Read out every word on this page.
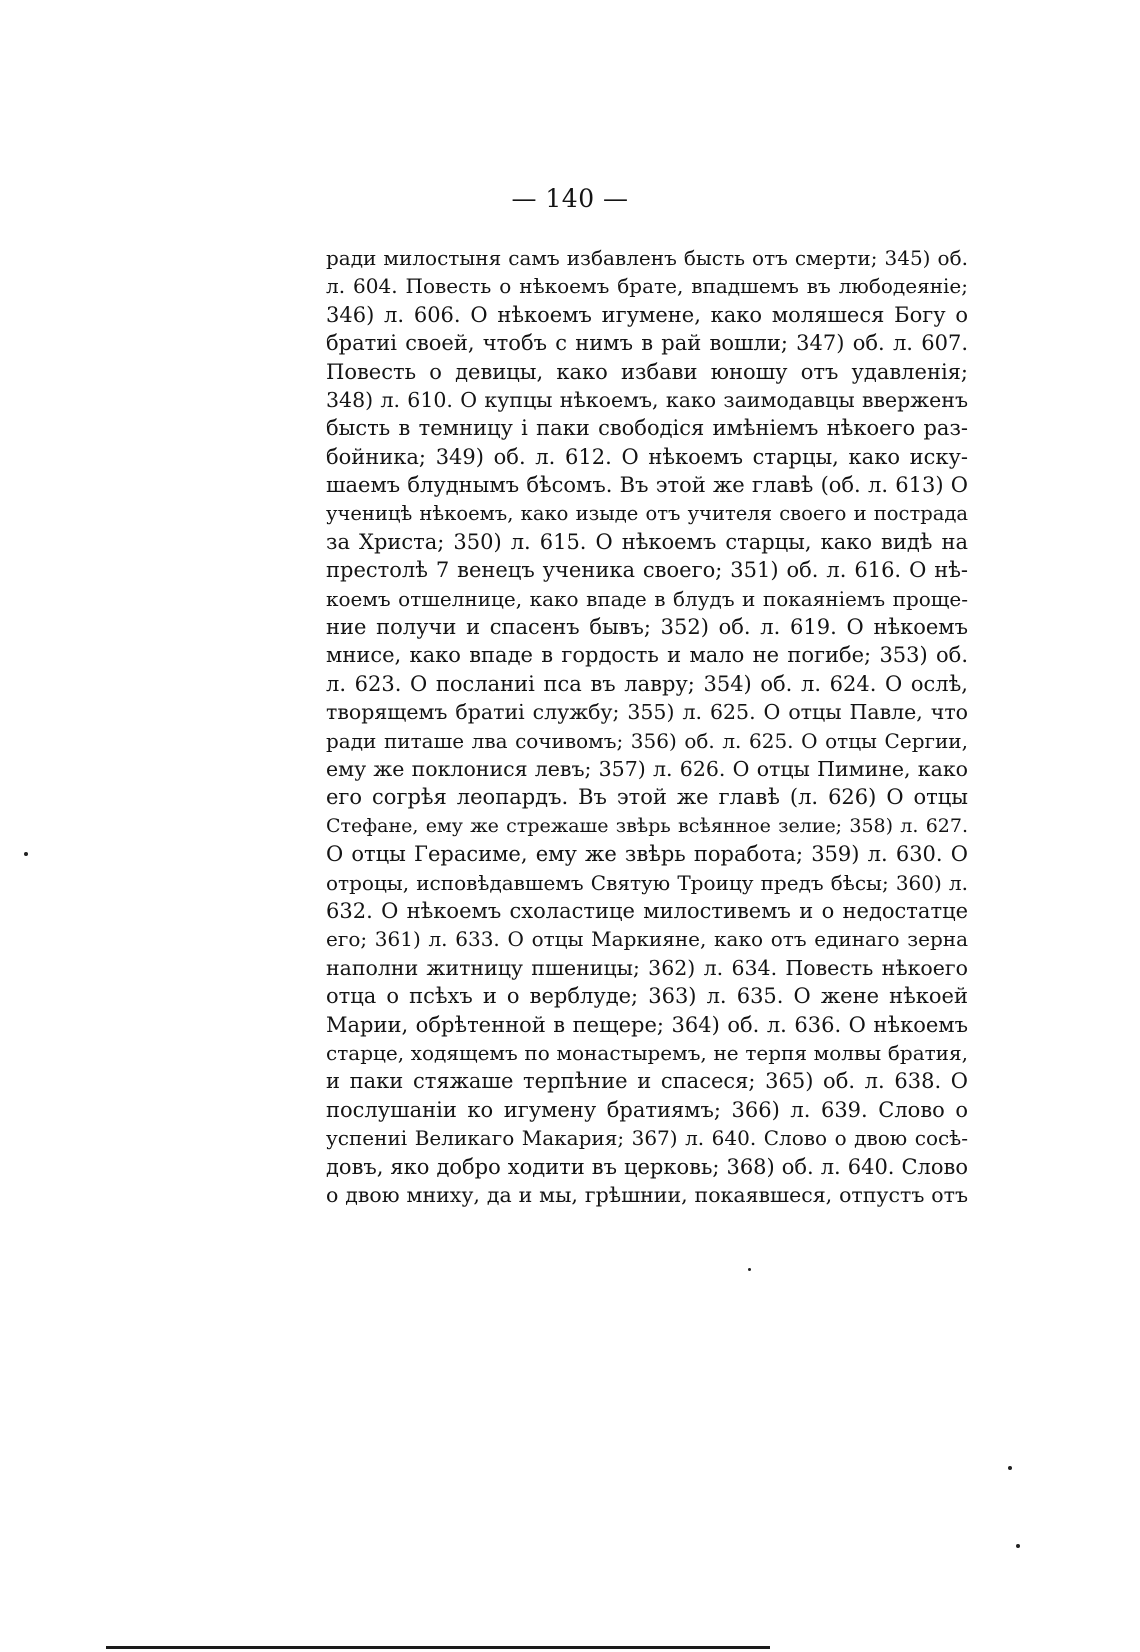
— 140 —
ради милостыня самъ избавленъ бысть отъ смерти; 345) об.
л. 604. Повесть о нѣкоемъ брате, впадшемъ въ любодеяніе;
346) л. 606. О нѣкоемъ игумене, како моляшеся Богу о
братиі своей, чтобъ с нимъ в рай вошли; 347) об. л. 607.
Повесть о девицы, како избави юношу отъ удавленія;
348) л. 610. О купцы нѣкоемъ, како заимодавцы вверженъ
бысть в темницу і паки свободіся имѣніемъ нѣкоего раз-
бойника; 349) об. л. 612. О нѣкоемъ старцы, како иску-
шаемъ блуднымъ бѣсомъ. Въ этой же главѣ (об. л. 613) О
ученицѣ нѣкоемъ, како изыде отъ учителя своего и пострада
за Христа; 350) л. 615. О нѣкоемъ старцы, како видѣ на
престолѣ 7 венецъ ученика своего; 351) об. л. 616. О нѣ-
коемъ отшелнице, како впаде в блудъ и покаяніемъ проще-
ние получи и спасенъ бывъ; 352) об. л. 619. О нѣкоемъ
мнисе, како впаде в гордость и мало не погибе; 353) об.
л. 623. О посланиі пса въ лавру; 354) об. л. 624. О ослѣ,
творящемъ братиі службу; 355) л. 625. О отцы Павле, что
ради питаше лва сочивомъ; 356) об. л. 625. О отцы Сергии,
ему же поклонися левъ; 357) л. 626. О отцы Пимине, како
его согрѣя леопардъ. Въ этой же главѣ (л. 626) О отцы
Стефане, ему же стрежаше звѣрь всѣянное зелие; 358) л. 627.
О отцы Герасиме, ему же звѣрь поработа; 359) л. 630. О
отроцы, исповѣдавшемъ Святую Троицу предъ бѣсы; 360) л.
632. О нѣкоемъ схоластице милостивемъ и о недостатце
его; 361) л. 633. О отцы Маркияне, како отъ единаго зерна
наполни житницу пшеницы; 362) л. 634. Повесть нѣкоего
отца о псѣхъ и о верблуде; 363) л. 635. О жене нѣкоей
Марии, обрѣтенной в пещере; 364) об. л. 636. О нѣкоемъ
старце, ходящемъ по монастыремъ, не терпя молвы братия,
и паки стяжаше терпѣние и спасеся; 365) об. л. 638. О
послушаніи ко игумену братиямъ; 366) л. 639. Слово о
успениі Великаго Макария; 367) л. 640. Слово о двою сосѣ-
довъ, яко добро ходити въ церковь; 368) об. л. 640. Слово
о двою мниху, да и мы, грѣшнии, покаявшеся, отпустъ отъ
